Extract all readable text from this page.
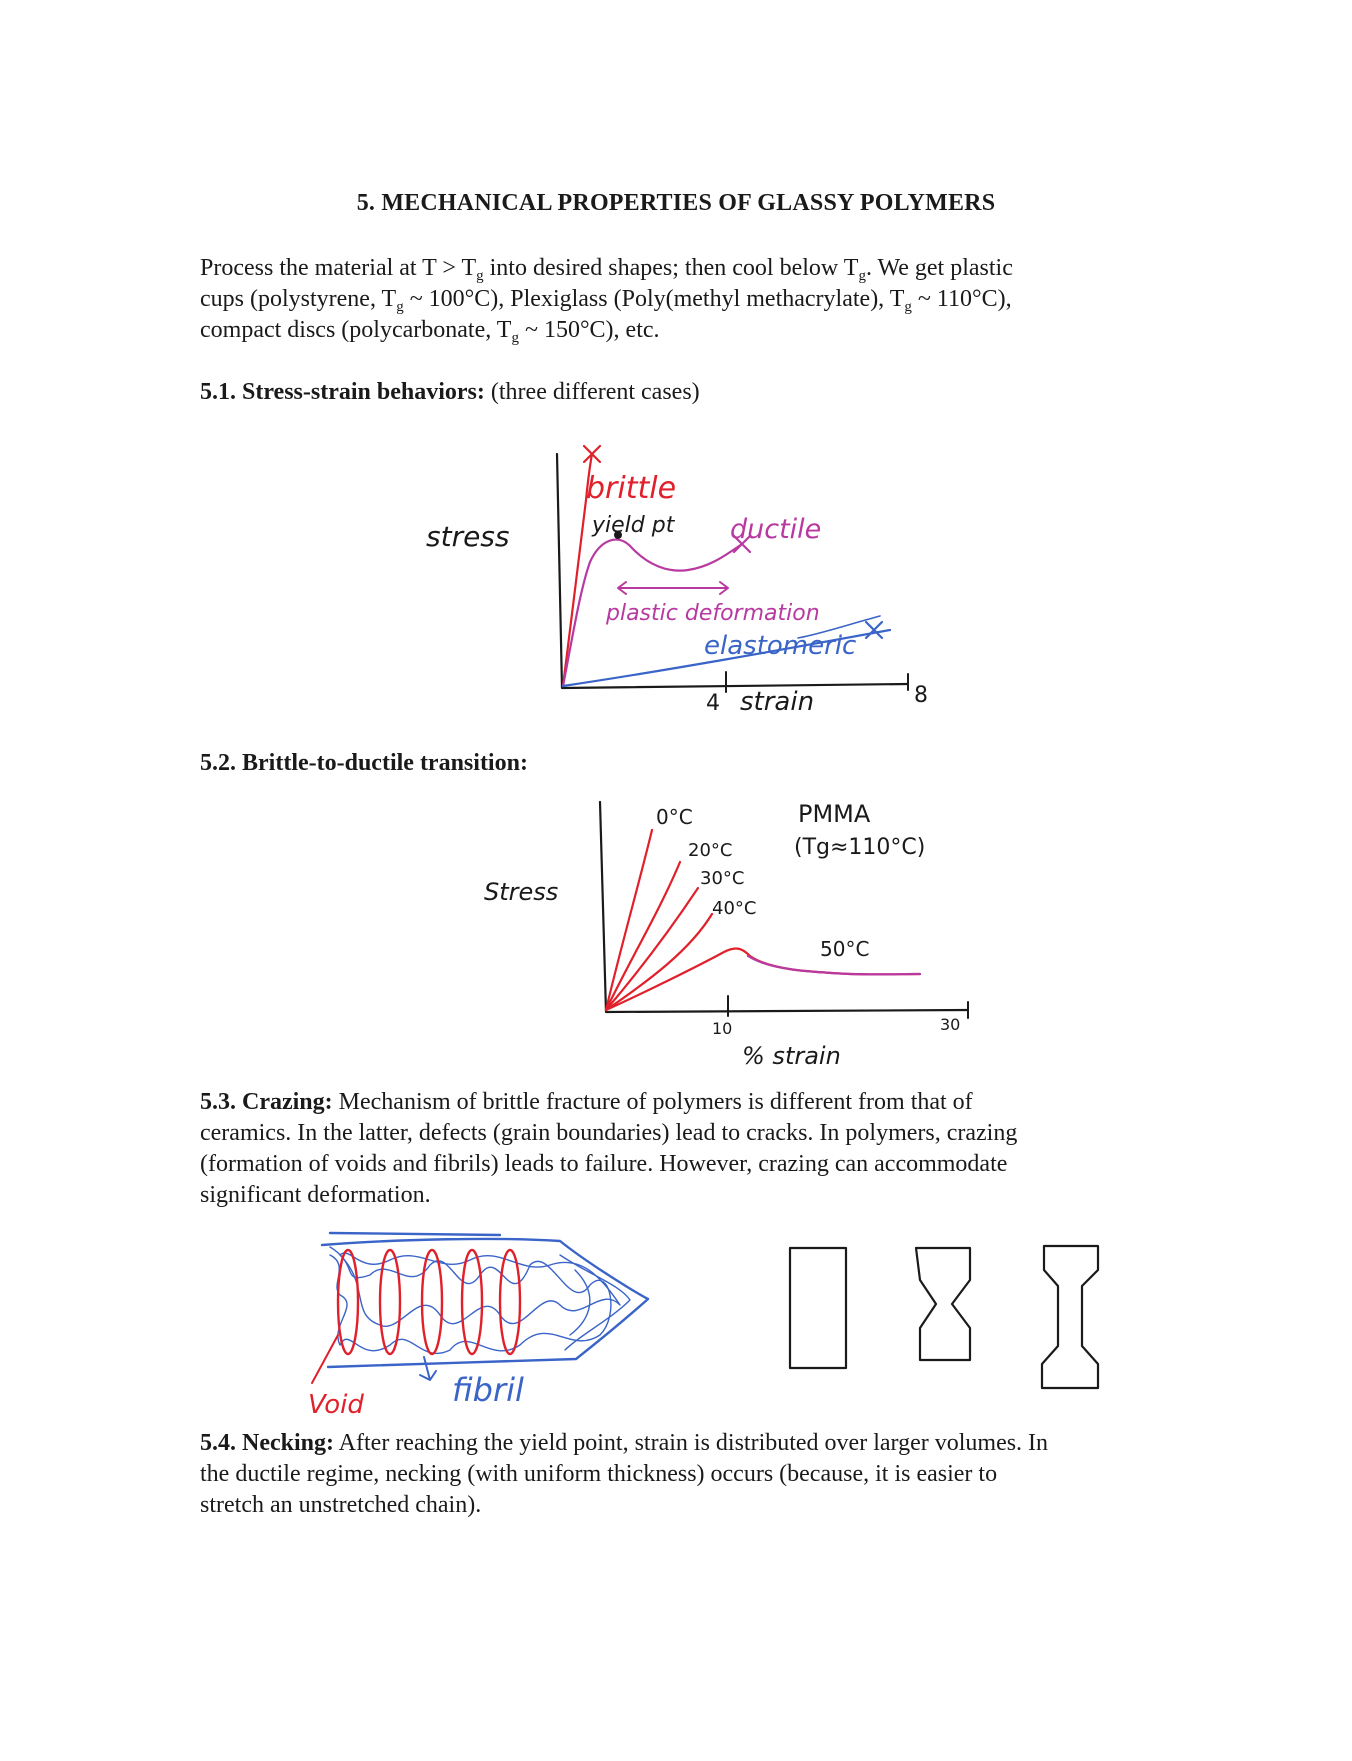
5. MECHANICAL PROPERTIES OF GLASSY POLYMERS
Process the material at $T > T_g$ into desired shapes; then cool below $T_g$. We get plastic
cups (polystyrene, $T_g$ ~ 100°C), Plexiglass (Poly(methyl methacrylate), $T_g$ ~ 110°C),
compact discs (polycarbonate, $T_g$ ~ 150°C), etc.
5.1. Stress-strain behaviors: (three different cases)
stress
brittle
yield pt ductile
plastic deformation
elastomeric
4 strain	8
5.2. Brittle-to-ductile transition:
Stress
0°C
20°C
30°C
40°C
50°C
PMMA
(Tg≈110°C)
10	30
% strain
5.3. Crazing: Mechanism of brittle fracture of polymers is different from that of
ceramics. In the latter, defects (grain boundaries) lead to cracks. In polymers, crazing
(formation of voids and fibrils) leads to failure. However, crazing can accommodate
significant deformation.
Void	fibril
5.4. Necking: After reaching the yield point, strain is distributed over larger volumes. In
the ductile regime, necking (with uniform thickness) occurs (because, it is easier to
stretch an unstretched chain).
